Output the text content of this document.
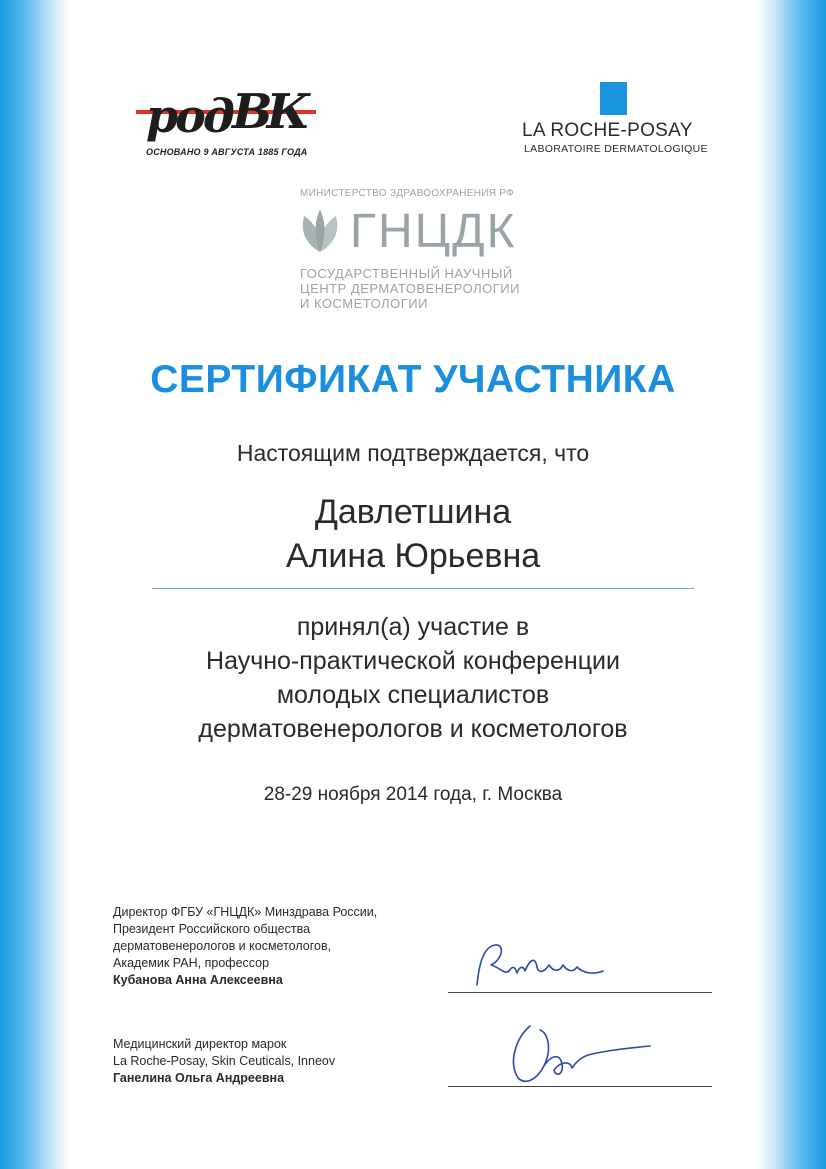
род ВК
ОСНОВАНО 9 АВГУСТА 1885 ГОДА
LA ROCHE-POSAY
LABORATOIRE DERMATOLOGIQUE
МИНИСТЕРСТВО ЗДРАВООХРАНЕНИЯ РФ
ГНЦДК
ГОСУДАРСТВЕННЫЙ НАУЧНЫЙ
ЦЕНТР ДЕРМАТОВЕНЕРОЛОГИИ
И КОСМЕТОЛОГИИ
СЕРТИФИКАТ УЧАСТНИКА
Настоящим подтверждается, что
Давлетшина
Алина Юрьевна
принял(а) участие в
Научно-практической конференции
молодых специалистов
дерматовенерологов и косметологов
28-29 ноября 2014 года, г. Москва
Директор ФГБУ «ГНЦДК» Минздрава России,
Президент Российского общества
дерматовенерологов и косметологов,
Академик РАН, профессор
Кубанова Анна Алексеевна
Медицинский директор марок
La Roche-Posay, Skin Ceuticals, Inneov
Ганелина Ольга Андреевна
